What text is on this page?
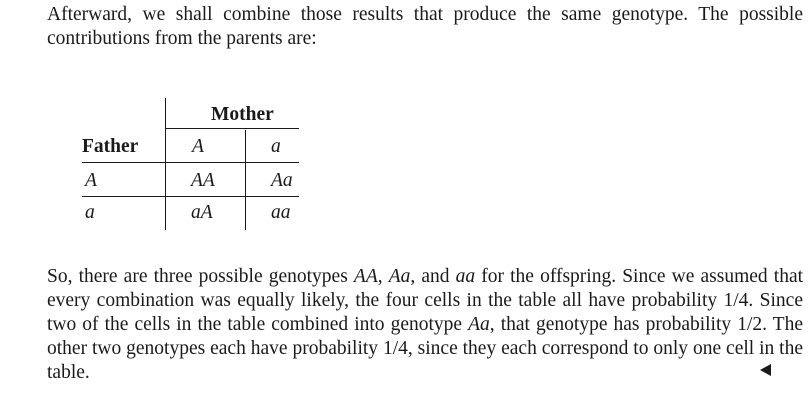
Afterward, we shall combine those results that produce the same genotype. The possible contributions from the parents are:

Mother
Father	A	a
A	AA	Aa
a	aA	aa

So, there are three possible genotypes AA, Aa, and aa for the offspring. Since we assumed that every combination was equally likely, the four cells in the table all have probability 1/4. Since two of the cells in the table combined into genotype Aa, that genotype has probability 1/2. The other two genotypes each have probability 1/4, since they each correspond to only one cell in the table.
